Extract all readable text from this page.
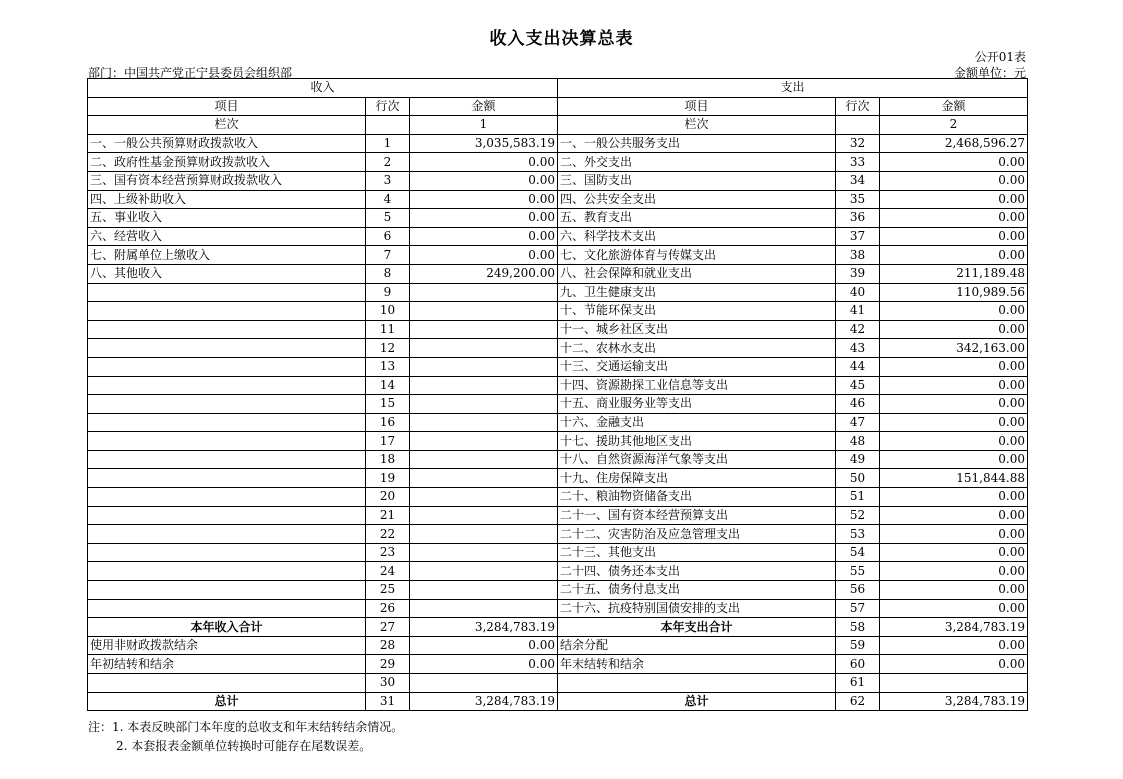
收入支出决算总表
公开01表
部门：中国共产党正宁县委员会组织部	金额单位：元
收入			支出		
项目	行次	金额	项目	行次	金额
栏次		1	栏次		2
一、一般公共预算财政拨款收入	1	3,035,583.19	一、一般公共服务支出	32	2,468,596.27
二、政府性基金预算财政拨款收入	2	0.00	二、外交支出	33	0.00
三、国有资本经营预算财政拨款收入	3	0.00	三、国防支出	34	0.00
四、上级补助收入	4	0.00	四、公共安全支出	35	0.00
五、事业收入	5	0.00	五、教育支出	36	0.00
六、经营收入	6	0.00	六、科学技术支出	37	0.00
七、附属单位上缴收入	7	0.00	七、文化旅游体育与传媒支出	38	0.00
八、其他收入	8	249,200.00	八、社会保障和就业支出	39	211,189.48
	9		九、卫生健康支出	40	110,989.56
	10		十、节能环保支出	41	0.00
	11		十一、城乡社区支出	42	0.00
	12		十二、农林水支出	43	342,163.00
	13		十三、交通运输支出	44	0.00
	14		十四、资源勘探工业信息等支出	45	0.00
	15		十五、商业服务业等支出	46	0.00
	16		十六、金融支出	47	0.00
	17		十七、援助其他地区支出	48	0.00
	18		十八、自然资源海洋气象等支出	49	0.00
	19		十九、住房保障支出	50	151,844.88
	20		二十、粮油物资储备支出	51	0.00
	21		二十一、国有资本经营预算支出	52	0.00
	22		二十二、灾害防治及应急管理支出	53	0.00
	23		二十三、其他支出	54	0.00
	24		二十四、债务还本支出	55	0.00
	25		二十五、债务付息支出	56	0.00
	26		二十六、抗疫特别国债安排的支出	57	0.00
本年收入合计	27	3,284,783.19	本年支出合计	58	3,284,783.19
使用非财政拨款结余	28	0.00	结余分配	59	0.00
年初结转和结余	29	0.00	年末结转和结余	60	0.00
	30			61	
总计	31	3,284,783.19	总计	62	3,284,783.19
注：1. 本表反映部门本年度的总收支和年末结转结余情况。
2. 本套报表金额单位转换时可能存在尾数误差。
